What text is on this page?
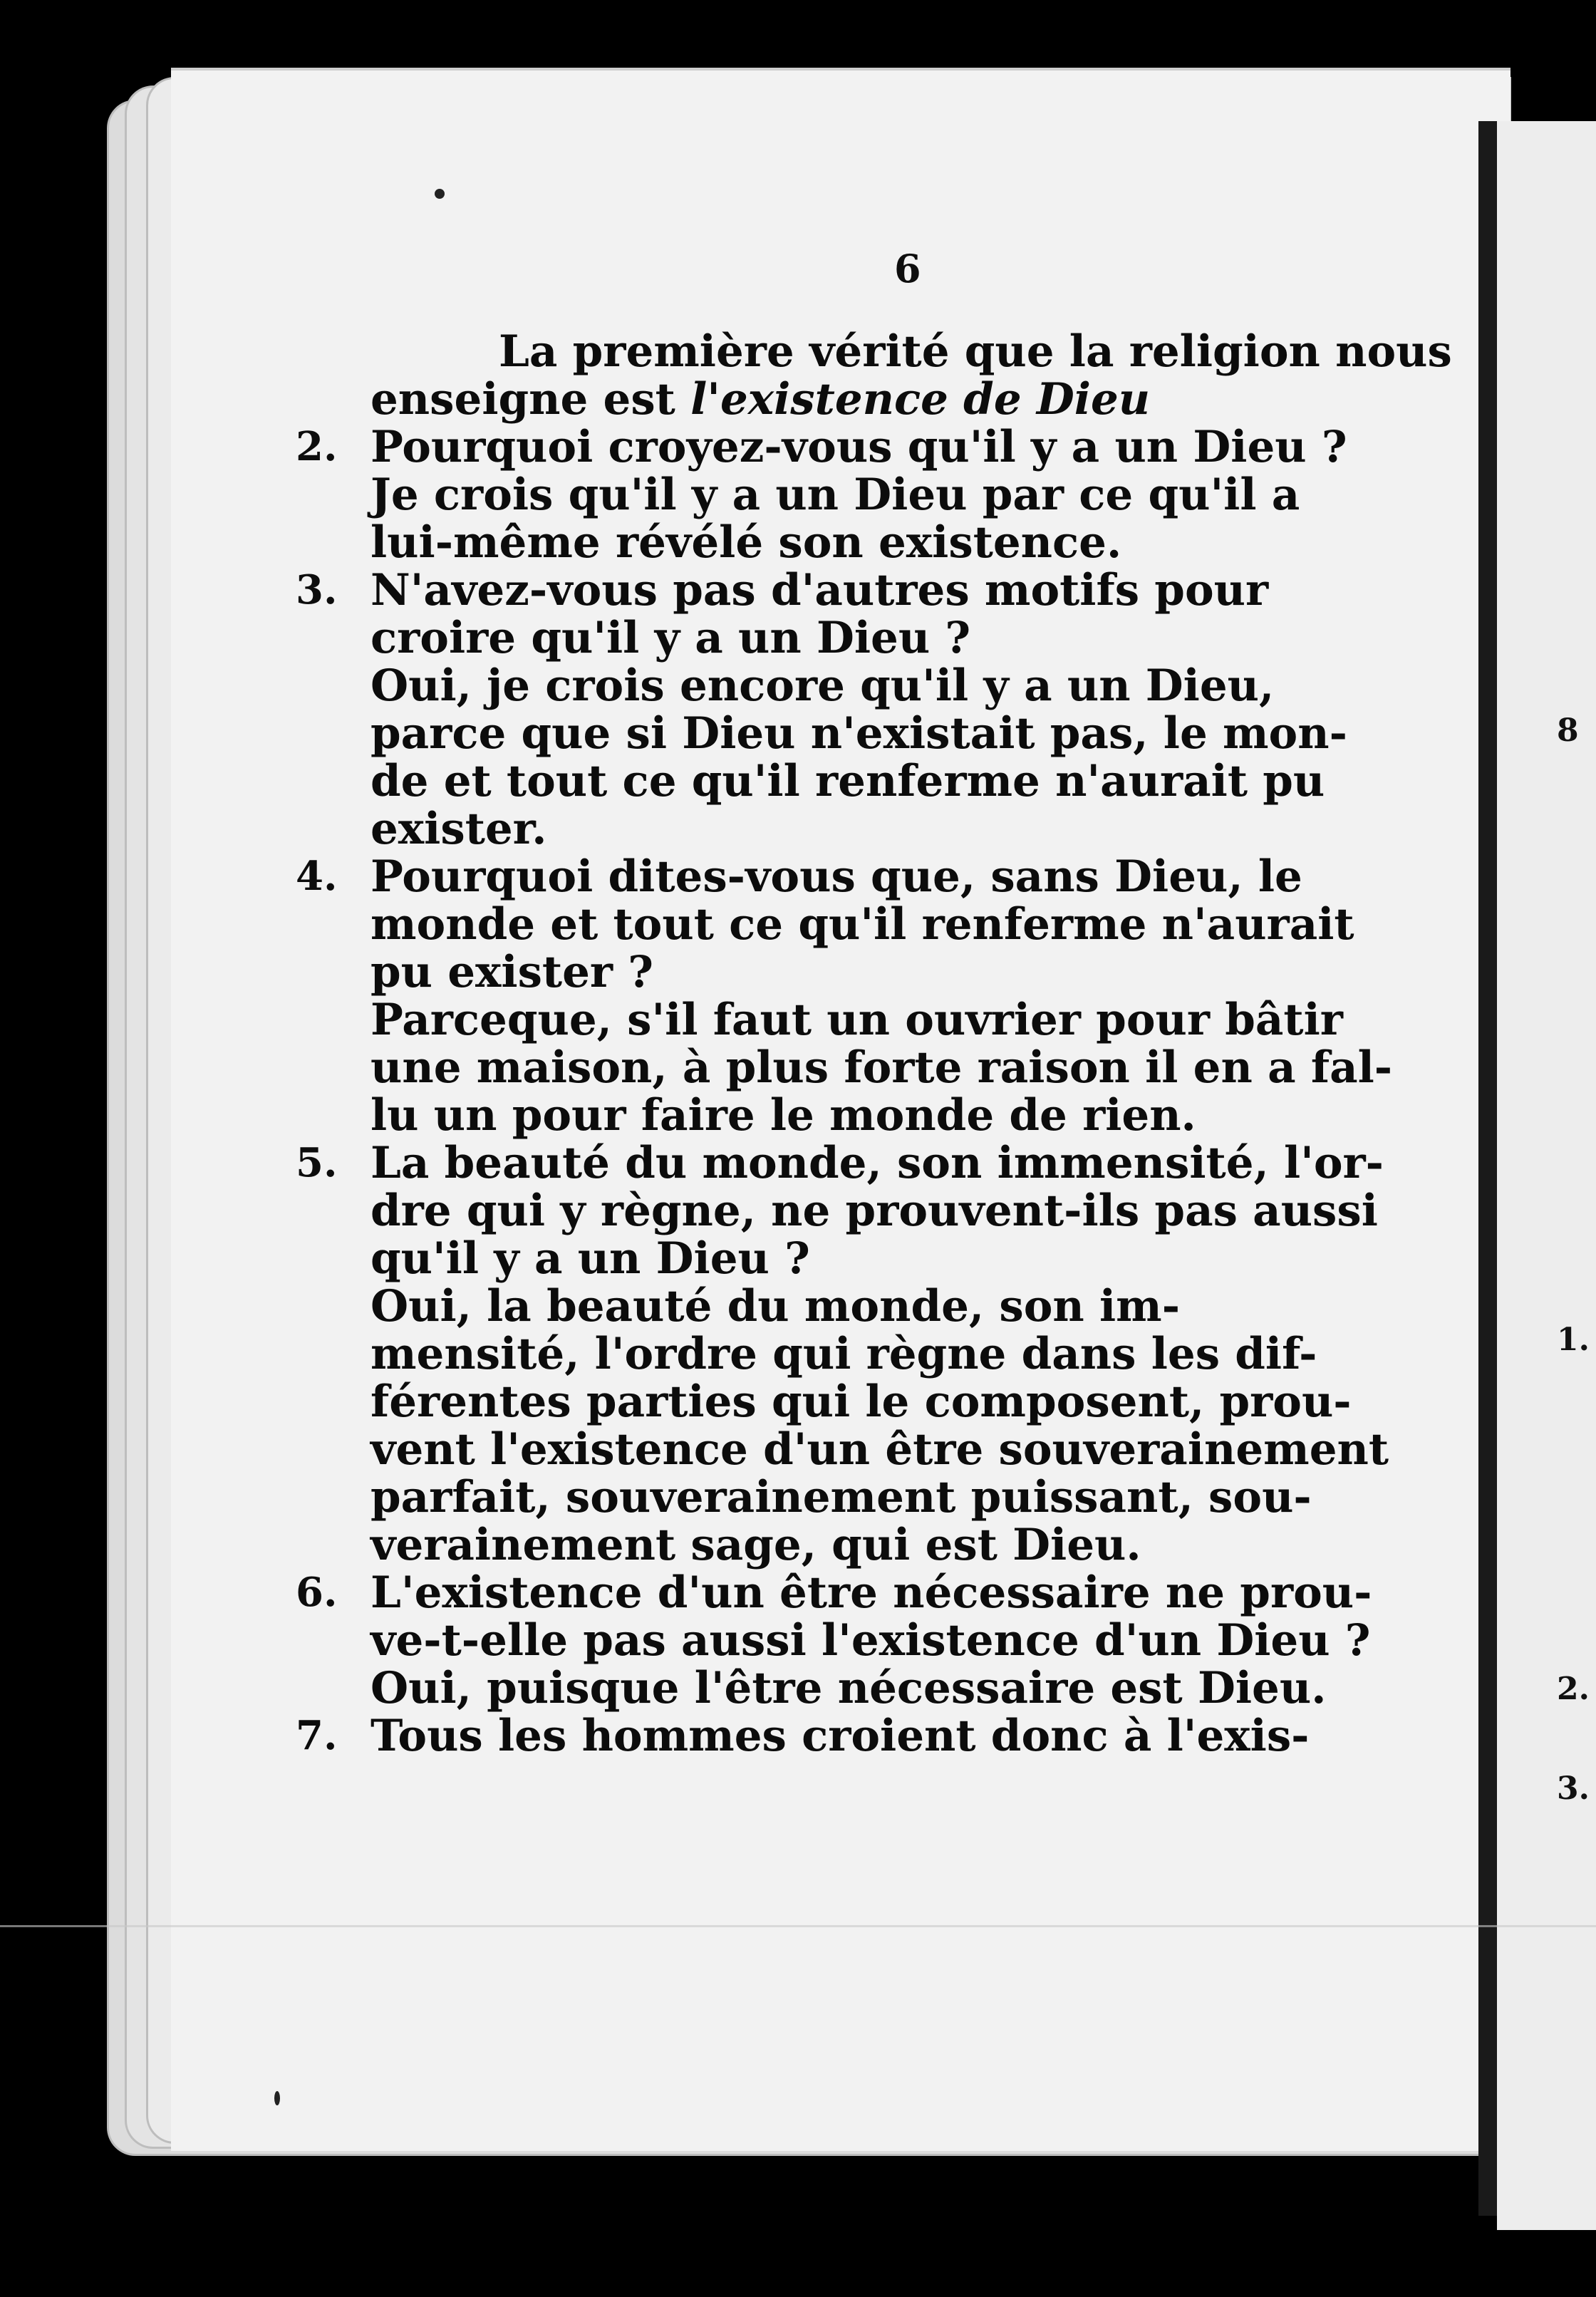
8
1.
2.
3.
6
La première vérité que la religion nous
enseigne est l'existence de Dieu
2. Pourquoi croyez-vous qu'il y a un Dieu ?
Je crois qu'il y a un Dieu par ce qu'il a
lui-même révélé son existence.
3. N'avez-vous pas d'autres motifs pour
croire qu'il y a un Dieu ?
Oui, je crois encore qu'il y a un Dieu,
parce que si Dieu n'existait pas, le mon-
de et tout ce qu'il renferme n'aurait pu
exister.
4. Pourquoi dites-vous que, sans Dieu, le
monde et tout ce qu'il renferme n'aurait
pu exister ?
Parceque, s'il faut un ouvrier pour bâtir
une maison, à plus forte raison il en a fal-
lu un pour faire le monde de rien.
5. La beauté du monde, son immensité, l'or-
dre qui y règne, ne prouvent-ils pas aussi
qu'il y a un Dieu ?
Oui, la beauté du monde, son im-
mensité, l'ordre qui règne dans les dif-
férentes parties qui le composent, prou-
vent l'existence d'un être souverainement
parfait, souverainement puissant, sou-
verainement sage, qui est Dieu.
6. L'existence d'un être nécessaire ne prou-
ve-t-elle pas aussi l'existence d'un Dieu ?
Oui, puisque l'être nécessaire est Dieu.
7. Tous les hommes croient donc à l'exis-
